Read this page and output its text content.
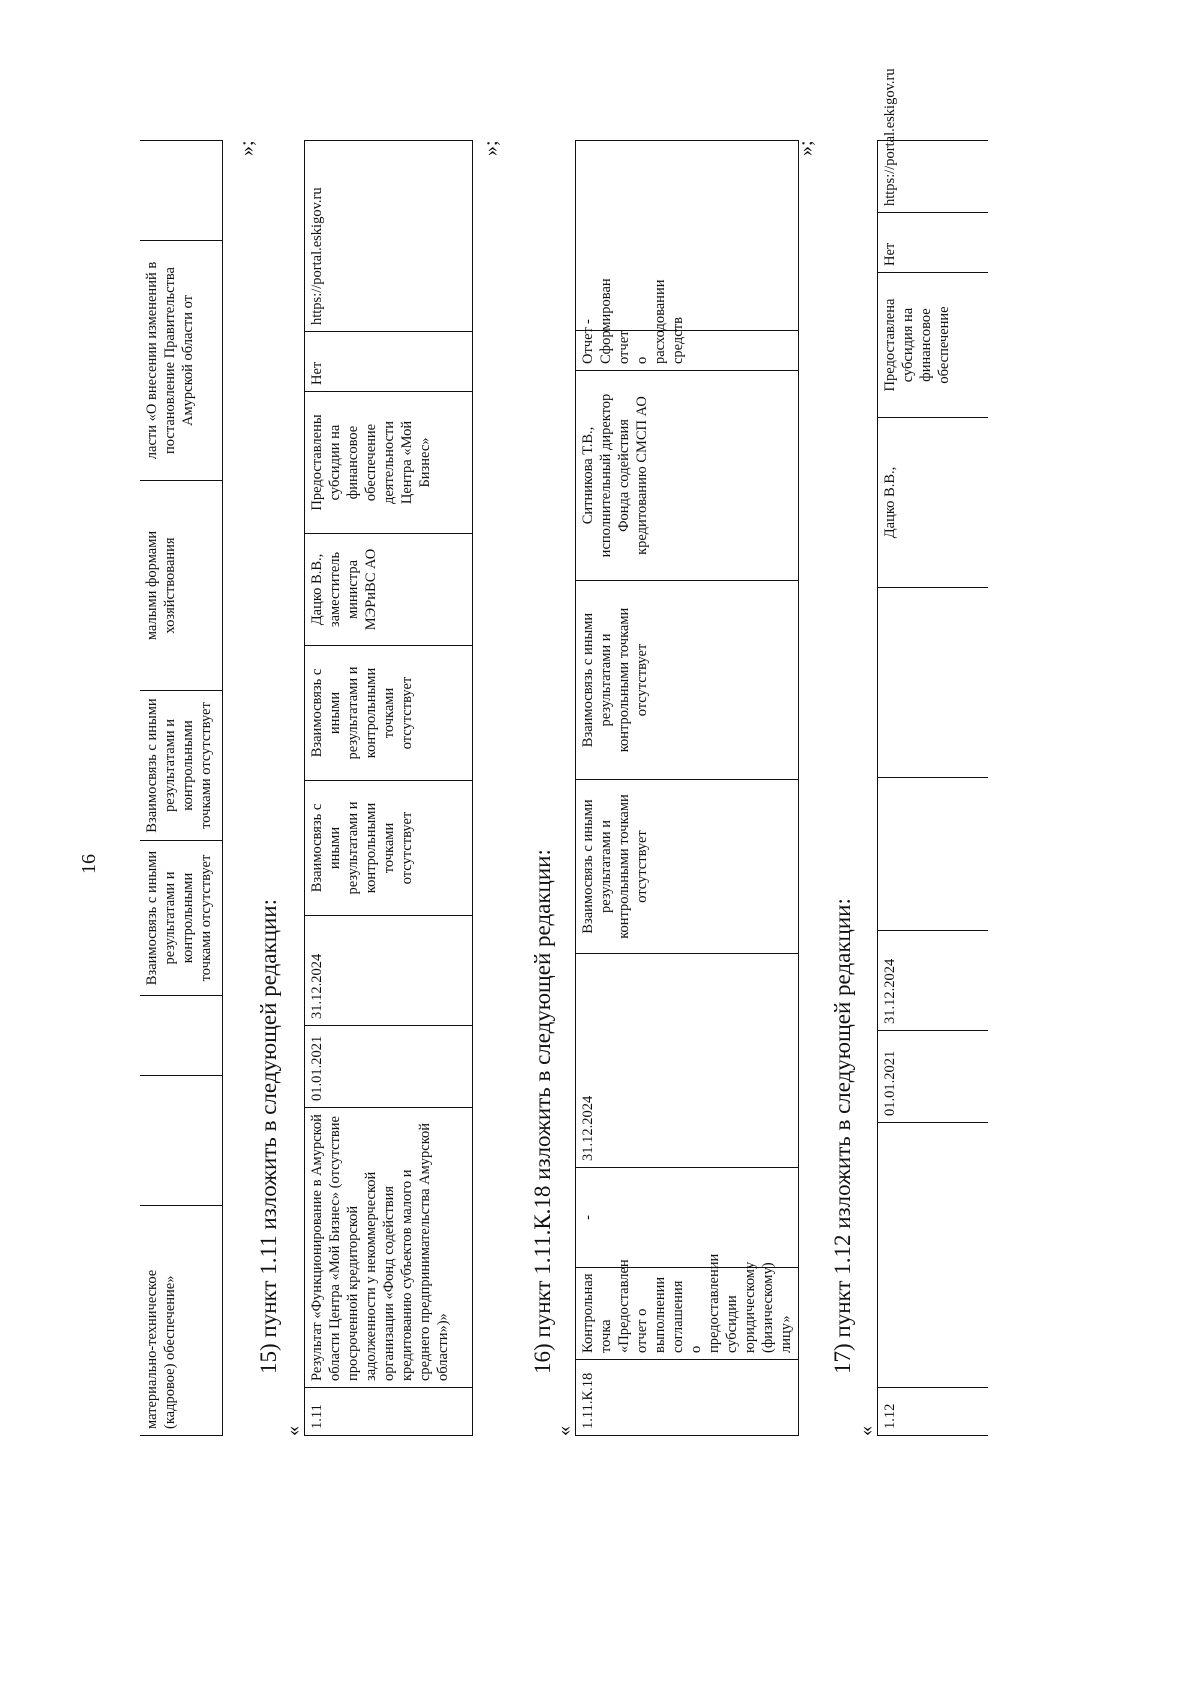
16
материально-техническое (кадровое) обеспечение»			Взаимосвязь с иными результатами и контрольными точками отсутствует	Взаимосвязь с иными результатами и контрольными точками отсутствует	малыми формами хозяйствования	ласти «О внесении изменений в постановление Правительства Амурской области от	
»;
15) пункт 1.11 изложить в следующей редакции:
«
1.11	Результат «Функционирование в Амурской области Центра «Мой Бизнес» (отсутствие просроченной кредиторской задолженности у некоммерческой организации «Фонд содействия кредитованию субъектов малого и среднего предпринимательства Амурской области»)»	01.01.2021	31.12.2024	Взаимосвязь с иными результатами и контрольными точками отсутствует	Взаимосвязь с иными результатами и контрольными точками отсутствует	Дацко В.В., заместитель министра МЭРиВС АО	Предоставлены субсидии на финансовое обеспечение деятельности Центра «Мой Бизнес»	Нет	https://portal.eskigov.ru
»;
16) пункт 1.11.К.18 изложить в следующей редакции:
«
1.11.К.18	Контрольная точка «Предоставлен отчет о выполнении соглашения о предоставлении субсидии юридическому (физическому) лицу»	-	31.12.2024	Взаимосвязь с иными результатами и контрольными точками отсутствует	Взаимосвязь с иными результатами и контрольными точками отсутствует	Ситникова Т.В., исполнительный директор Фонда содействия кредитованию СМСП АО	Отчет Сформирован отчет о расходовании средств	-	
»;
17) пункт 1.12 изложить в следующей редакции:
«
1.12		01.01.2021	31.12.2024			Дацко В.В.,	Предоставлена субсидия на финансовое обеспечение	Нет	https://portal.eskigov.ru
